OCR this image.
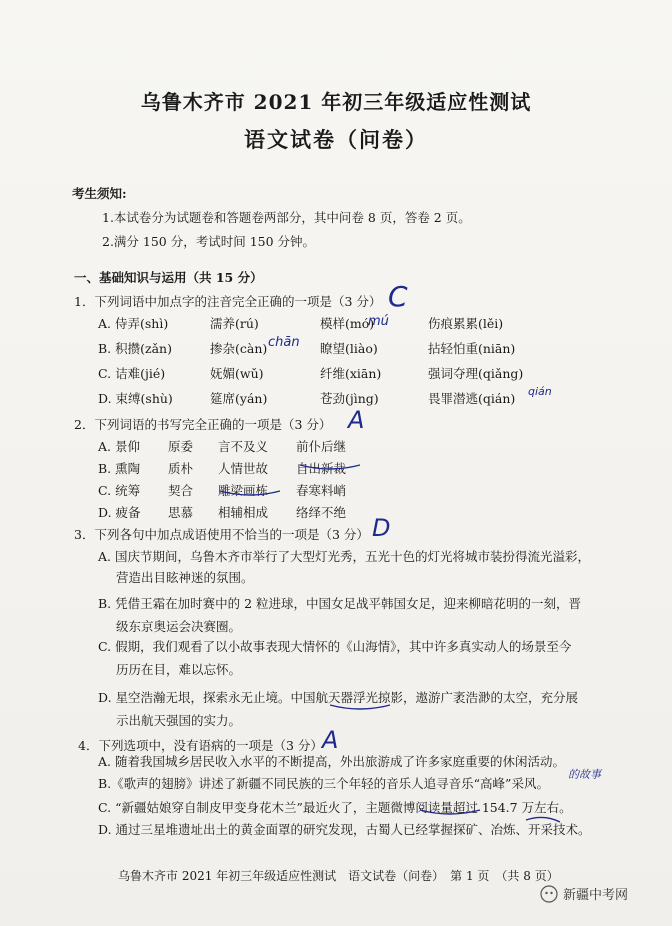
乌鲁木齐市 2021 年初三年级适应性测试
语文试卷（问卷）
考生须知:
1.本试卷分为试题卷和答题卷两部分，其中问卷 8 页，答卷 2 页。
2.满分 150 分，考试时间 150 分钟。
一、基础知识与运用（共 15 分）
1．下列词语中加点字的注音完全正确的一项是（3 分） C
A. 侍弄(shì)	濡养(rú)	模样(mó)	伤痕累累(lěi)
mú
B. 积攒(zǎn)	掺杂(càn)	瞭望(liào)	拈轻怕重(niān)
chān
C. 诘难(jié)	妩媚(wǔ)	纤维(xiān)	强词夺理(qiǎng)
D. 束缚(shù)	筵席(yán)	苍劲(jìng)	畏罪潜逃(qián) qián
2．下列词语的书写完全正确的一项是（3 分） A
A. 景仰 原委 言不及义 前仆后继
B. 熏陶 质朴 人情世故 自出新裁
C. 统筹 契合 雕梁画栋 春寒料峭
D. 疲备 思慕 相辅相成 络绎不绝
3．下列各句中加点成语使用不恰当的一项是（3 分） D
A. 国庆节期间，乌鲁木齐市举行了大型灯光秀，五光十色的灯光将城市装扮得流光溢彩，
营造出目眩神迷的氛围。
B. 凭借王霜在加时赛中的 2 粒进球，中国女足战平韩国女足，迎来柳暗花明的一刻，晋
级东京奥运会决赛圈。
C. 假期，我们观看了以小故事表现大情怀的《山海情》，其中许多真实动人的场景至今
历历在目，难以忘怀。
D. 星空浩瀚无垠，探索永无止境。中国航天器浮光掠影，遨游广袤浩渺的太空，充分展
示出航天强国的实力。
4．下列选项中，没有语病的一项是（3 分） A
A. 随着我国城乡居民收入水平的不断提高，外出旅游成了许多家庭重要的休闲活动。
B.《歌声的翅膀》讲述了新疆不同民族的三个年轻的音乐人追寻音乐“高峰”采风。
的故事
C. “新疆姑娘穿自制皮甲变身花木兰”最近火了，主题微博阅读量超过 154.7 万左右。
D. 通过三星堆遗址出土的黄金面罩的研究发现，古蜀人已经掌握探矿、冶炼、开采技术。
乌鲁木齐市 2021 年初三年级适应性测试　语文试卷（问卷）　第 1 页　（共 8 页）
新疆中考网
